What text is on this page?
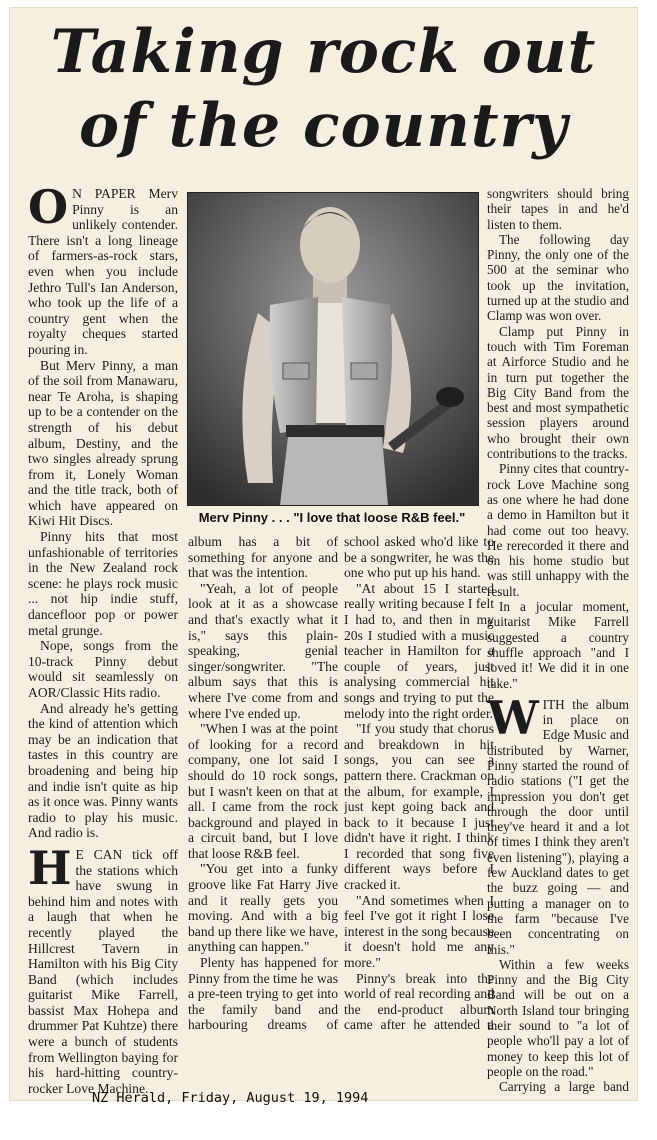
Taking rock out
of the country

O N PAPER Merv Pinny is an unlikely contender. There isn't a long lineage of farmers-as-rock stars, even when you include Jethro Tull's Ian Anderson, who took up the life of a country gent when the royalty cheques started pouring in.

But Merv Pinny, a man of the soil from Manawaru, near Te Aroha, is shaping up to be a contender on the strength of his debut album, Destiny, and the two singles already sprung from it, Lonely Woman and the title track, both of which have appeared on Kiwi Hit Discs.

Pinny hits that most unfashionable of territories in the New Zealand rock scene: he plays rock music ... not hip indie stuff, dancefloor pop or power metal grunge.

Nope, songs from the 10-track Pinny debut would sit seamlessly on AOR/Classic Hits radio.

And already he's getting the kind of attention which may be an indication that tastes in this country are broadening and being hip and indie isn't quite as hip as it once was. Pinny wants radio to play his music. And radio is.

H E CAN tick off the stations which have swung in behind him and notes with a laugh that when he recently played the Hillcrest Tavern in Hamilton with his Big City Band (which includes guitarist Mike Farrell, bassist Max Hohepa and drummer Pat Kuhtze) there were a bunch of students from Wellington baying for his hard-hitting country-rocker Love Machine.

Merv Pinny . . . "I love that loose R&B feel."

album has a bit of something for anyone and that was the intention.

"Yeah, a lot of people look at it as a showcase and that's exactly what it is," says this plain-speaking, genial singer/songwriter. "The album says that this is where I've come from and where I've ended up.

"When I was at the point of looking for a record company, one lot said I should do 10 rock songs, but I wasn't keen on that at all. I came from the rock background and played in a circuit band, but I love that loose R&B feel.

"You get into a funky groove like Fat Harry Jive and it really gets you moving. And with a big band up there like we have, anything can happen."

Plenty has happened for Pinny from the time he was a pre-teen trying to get into the family band and harbouring dreams of

school asked who'd like to be a songwriter, he was the one who put up his hand.

"At about 15 I started really writing because I felt I had to, and then in my 20s I studied with a music teacher in Hamilton for a couple of years, just analysing commercial hit songs and trying to put the melody into the right order.

"If you study that chorus and breakdown in hit songs, you can see a pattern there. Crackman on the album, for example, I just kept going back and back to it because I just didn't have it right. I think I recorded that song five different ways before I cracked it.

"And sometimes when I feel I've got it right I lose interest in the song because it doesn't hold me any more."

Pinny's break into the world of real recording and the end-product album came after he attended a

songwriters should bring their tapes in and he'd listen to them.

The following day Pinny, the only one of the 500 at the seminar who took up the invitation, turned up at the studio and Clamp was won over.

Clamp put Pinny in touch with Tim Foreman at Airforce Studio and he in turn put together the Big City Band from the best and most sympathetic session players around who brought their own contributions to the tracks.

Pinny cites that country-rock Love Machine song as one where he had done a demo in Hamilton but it had come out too heavy. He rerecorded it there and on his home studio but was still unhappy with the result.

In a jocular moment, guitarist Mike Farrell suggested a country shuffle approach "and I loved it! We did it in one take."

WITH the album in place on Edge Music and distributed by Warner, Pinny started the round of radio stations ("I get the impression you don't get through the door until they've heard it and a lot of times I think they aren't even listening"), playing a few Auckland dates to get the buzz going — and putting a manager on to the farm "because I've been concentrating on this."

Within a few weeks Pinny and the Big City Band will be out on a North Island tour bringing their sound to "a lot of people who'll pay a lot of money to keep this lot of people on the road."

Carrying a large band

NZ Herald, Friday, August 19, 1994
